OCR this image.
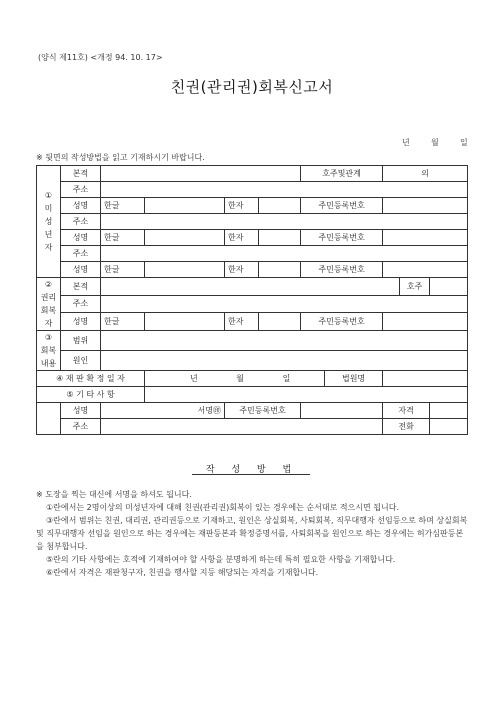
(양식 제11호) <개정 94. 10. 17>
친권(관리권)회복신고서
년	월	일
※ 뒷면의 작성방법을 읽고 기재하시기 바랍니다.
① 미 성 년 자	본적					호주및관계		의		
	주소									
	성명	한글		한자		주민등록번호				
	주소									
	성명	한글		한자		주민등록번호				
	주소									
	성명	한글		한자		주민등록번호				
② 권리 회복 자	본적								호주	
	주소									
	성명	한글		한자		주민등록번호				
③ 회복 내용	범위									
	원인									
④ 재 판 확 정 일 자			년 월 일				법원명			
⑤ 기 타 사 항										
	성명	서명㊞		주민등록번호				자격		
	주소							전화		
작 성 방 법

※ 도장을 찍는 대신에 서명을 하셔도 됩니다.

①란에서는 2명이상의 미성년자에 대해 친권(관리권)회복이 있는 경우에는 순서대로 적으시면 됩니다.

③란에서 범위는 친권, 대리권, 관리권등으로 기재하고, 원인은 상실회복, 사퇴회복, 직무대행자 선임등으로 하며 상실회복 및 직무대행자 선임을 원인으로 하는 경우에는 재판등본과 확정증명서를, 사퇴회복을 원인으로 하는 경우에는 허가심판등본을 첨부합니다.

⑤란의 기타 사항에는 호적에 기재하여야 할 사항을 분명하게 하는데 특히 필요한 사항을 기재합니다.

⑥란에서 자격은 재판청구자, 친권을 행사할 지등 해당되는 자격을 기재합니다.
